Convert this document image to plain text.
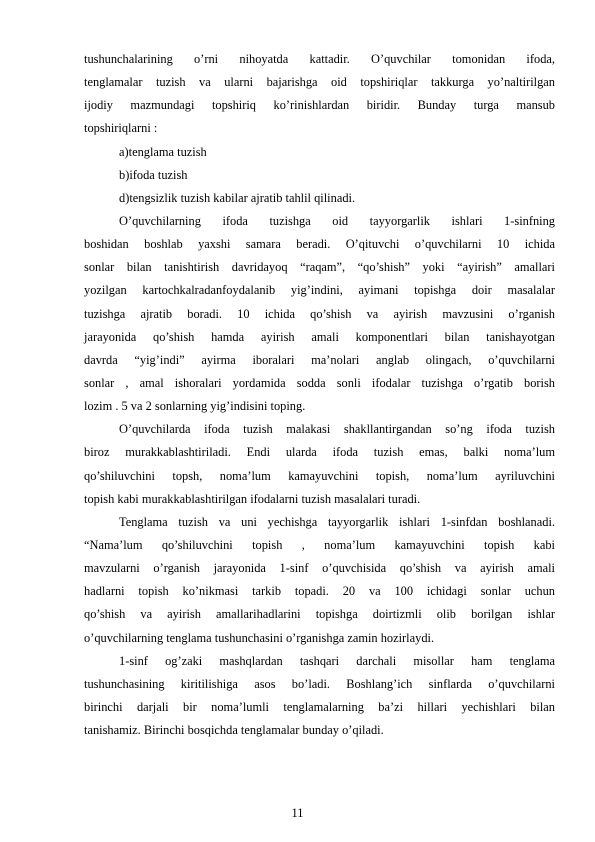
tushunchalarining o’rni nihoyatda kattadir. O’quvchilar tomonidan ifoda,
tenglamalar tuzish va ularni bajarishga oid topshiriqlar takkurga yo’naltirilgan
ijodiy mazmundagi topshiriq ko’rinishlardan biridir. Bunday turga mansub
topshiriqlarni :
a)tenglama tuzish
b)ifoda tuzish
d)tengsizlik tuzish kabilar ajratib tahlil qilinadi.
O’quvchilarning ifoda tuzishga oid tayyorgarlik ishlari 1-sinfning
boshidan boshlab yaxshi samara beradi. O’qituvchi o’quvchilarni 10 ichida
sonlar bilan tanishtirish davridayoq “raqam”, “qo’shish” yoki “ayirish” amallari
yozilgan kartochkalradanfoydalanib yig’indini, ayimani topishga doir masalalar
tuzishga ajratib boradi. 10 ichida qo’shish va ayirish mavzusini o’rganish
jarayonida qo’shish hamda ayirish amali komponentlari bilan tanishayotgan
davrda “yig’indi” ayirma iboralari ma’nolari anglab olingach, o’quvchilarni
sonlar , amal ishoralari yordamida sodda sonli ifodalar tuzishga o’rgatib borish
lozim . 5 va 2 sonlarning yig’indisini toping.
O’quvchilarda ifoda tuzish malakasi shakllantirgandan so’ng ifoda tuzish
biroz murakkablashtiriladi. Endi ularda ifoda tuzish emas, balki noma’lum
qo’shiluvchini topsh, noma’lum kamayuvchini topish, noma’lum ayriluvchini
topish kabi murakkablashtirilgan ifodalarni tuzish masalalari turadi.
Tenglama tuzish va uni yechishga tayyorgarlik ishlari 1-sinfdan boshlanadi.
“Nama’lum qo’shiluvchini topish , noma’lum kamayuvchini topish kabi
mavzularni o’rganish jarayonida 1-sinf o’quvchisida qo’shish va ayirish amali
hadlarni topish ko’nikmasi tarkib topadi. 20 va 100 ichidagi sonlar uchun
qo’shish va ayirish amallarihadlarini topishga doirtizmli olib borilgan ishlar
o’quvchilarning tenglama tushunchasini o’rganishga zamin hozirlaydi.
1-sinf og’zaki mashqlardan tashqari darchali misollar ham tenglama
tushunchasining kiritilishiga asos bo’ladi. Boshlang’ich sinflarda o’quvchilarni
birinchi darjali bir noma’lumli tenglamalarning ba’zi hillari yechishlari bilan
tanishamiz. Birinchi bosqichda tenglamalar bunday o’qiladi.
11
